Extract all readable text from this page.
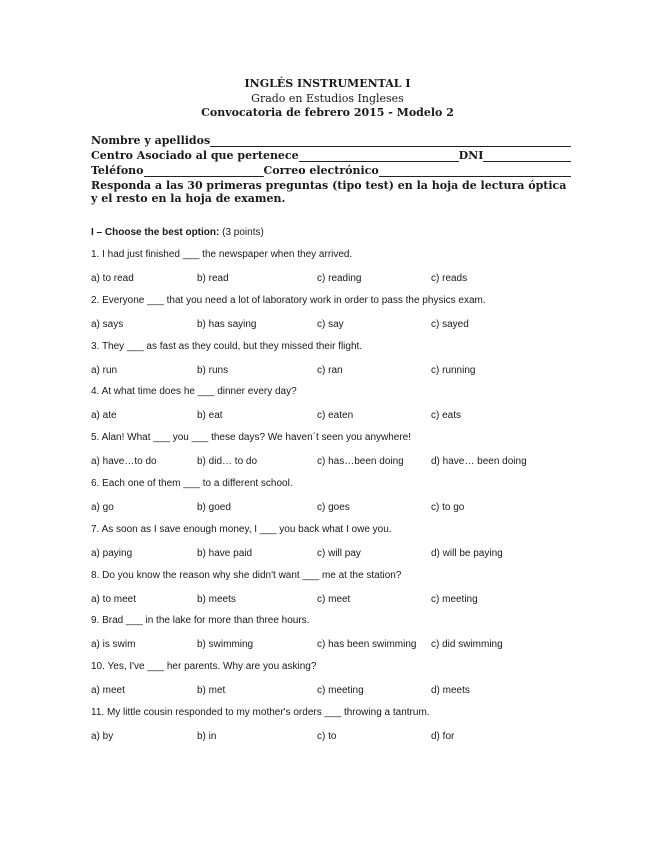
INGLÉS INSTRUMENTAL I
Grado en Estudios Ingleses
Convocatoria de febrero 2015 - Modelo 2
Nombre y apellidos
Centro Asociado al que pertenece	DNI
Teléfono	Correo electrónico
Responda a las 30 primeras preguntas (tipo test) en la hoja de lectura óptica y el resto en la hoja de examen.
I – Choose the best option: (3 points)
1. I had just finished ___ the newspaper when they arrived.
a) to read	b) read	c) reading	c) reads
2. Everyone ___ that you need a lot of laboratory work in order to pass the physics exam.
a) says	b) has saying	c) say	c) sayed
3. They ___ as fast as they could, but they missed their flight.
a) run	b) runs	c) ran	c) running
4. At what time does he ___ dinner every day?
a) ate	b) eat	c) eaten	c) eats
5. Alan! What ___ you ___ these days? We haven´t seen you anywhere!
a) have…to do	b) did… to do	c) has…been doing	d) have… been doing
6. Each one of them ___ to a different school.
a) go	b) goed	c) goes	c) to go
7. As soon as I save enough money, I ___ you back what I owe you.
a) paying	b) have paid	c) will pay	d) will be paying
8. Do you know the reason why she didn't want ___ me at the station?
a) to meet	b) meets	c) meet	c) meeting
9. Brad ___ in the lake for more than three hours.
a) is swim	b) swimming	c) has been swimming c) did swimming
10. Yes, I've ___ her parents. Why are you asking?
a) meet	b) met	c) meeting	d) meets
11. My little cousin responded to my mother's orders ___ throwing a tantrum.
a) by	b) in	c) to	d) for
